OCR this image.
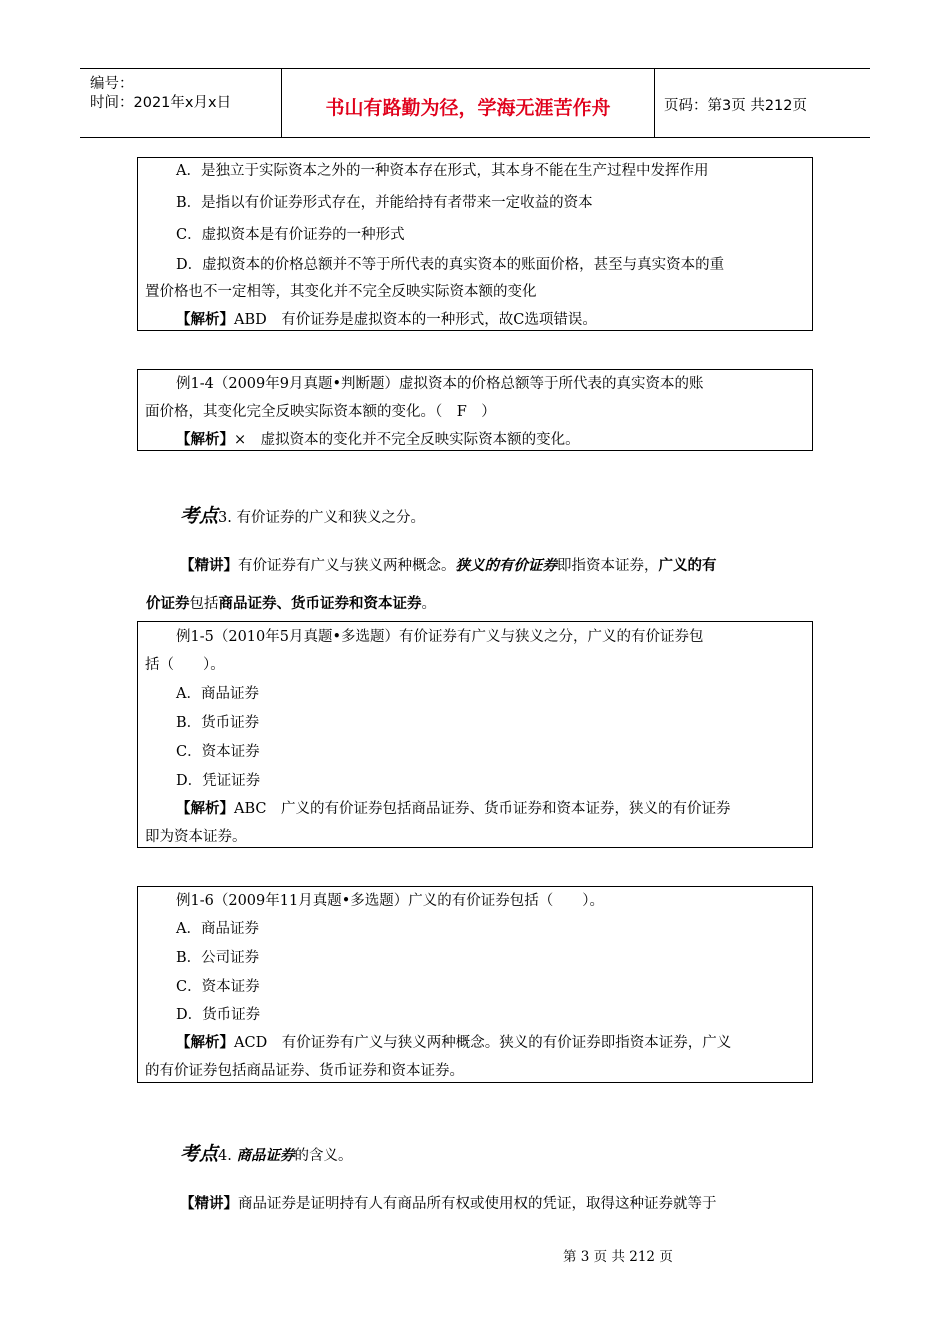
编号：
时间：2021年x月x日	书山有路勤为径，学海无涯苦作舟	页码：第3页 共212页
A．是独立于实际资本之外的一种资本存在形式，其本身不能在生产过程中发挥作用
B．是指以有价证券形式存在，并能给持有者带来一定收益的资本
C．虚拟资本是有价证券的一种形式
D．虚拟资本的价格总额并不等于所代表的真实资本的账面价格，甚至与真实资本的重
置价格也不一定相等，其变化并不完全反映实际资本额的变化
【解析】ABD　有价证券是虚拟资本的一种形式，故C选项错误。
例1-4（2009年9月真题•判断题）虚拟资本的价格总额等于所代表的真实资本的账
面价格，其变化完全反映实际资本额的变化。（　F　）
【解析】×　虚拟资本的变化并不完全反映实际资本额的变化。
考点3. 有价证券的广义和狭义之分。
【精讲】有价证券有广义与狭义两种概念。狭义的有价证券即指资本证券，广义的有
价证券包括商品证券、货币证券和资本证券。
例1-5（2010年5月真题•多选题）有价证券有广义与狭义之分，广义的有价证券包
括（　　）。
A．商品证券
B．货币证券
C．资本证券
D．凭证证券
【解析】ABC　广义的有价证券包括商品证券、货币证券和资本证券，狭义的有价证券
即为资本证券。
例1-6（2009年11月真题•多选题）广义的有价证券包括（　　）。
A．商品证券
B．公司证券
C．资本证券
D．货币证券
【解析】ACD　有价证券有广义与狭义两种概念。狭义的有价证券即指资本证券，广义
的有价证券包括商品证券、货币证券和资本证券。
考点4. 商品证券的含义。
【精讲】商品证券是证明持有人有商品所有权或使用权的凭证，取得这种证券就等于
第 3 页 共 212 页
